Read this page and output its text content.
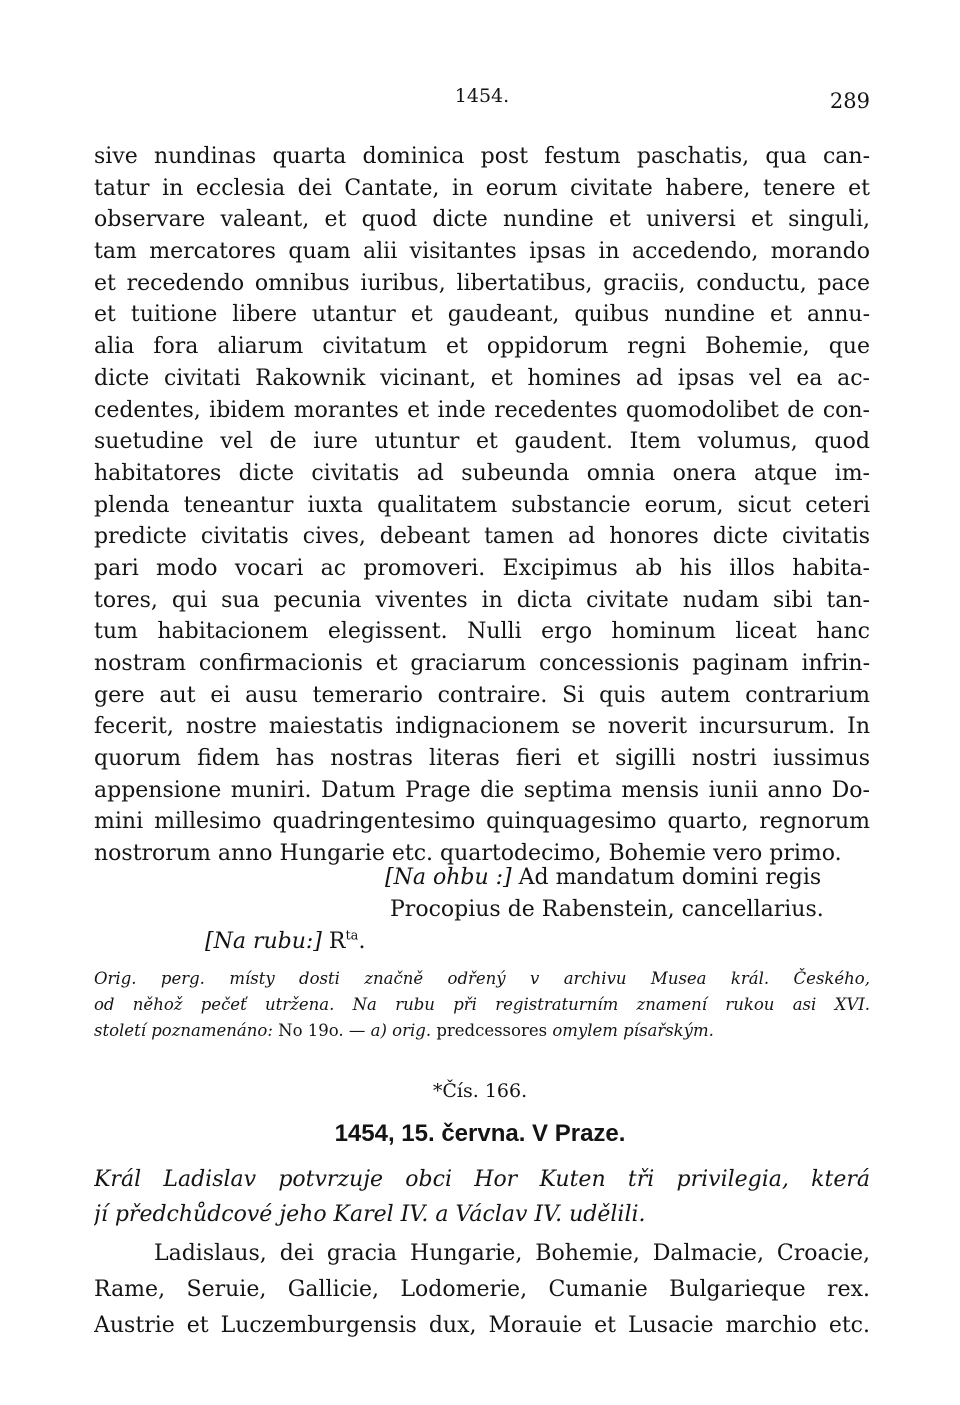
1454.	289
sive nundinas quarta dominica post festum paschatis, qua can-
tatur in ecclesia dei Cantate, in eorum civitate habere, tenere et
observare valeant, et quod dicte nundine et universi et singuli,
tam mercatores quam alii visitantes ipsas in accedendo, morando
et recedendo omnibus iuribus, libertatibus, graciis, conductu, pace
et tuitione libere utantur et gaudeant, quibus nundine et annu-
alia fora aliarum civitatum et oppidorum regni Bohemie, que
dicte civitati Rakownik vicinant, et homines ad ipsas vel ea ac-
cedentes, ibidem morantes et inde recedentes quomodolibet de con-
suetudine vel de iure utuntur et gaudent. Item volumus, quod
habitatores dicte civitatis ad subeunda omnia onera atque im-
plenda teneantur iuxta qualitatem substancie eorum, sicut ceteri
predicte civitatis cives, debeant tamen ad honores dicte civitatis
pari modo vocari ac promoveri. Excipimus ab his illos habita-
tores, qui sua pecunia viventes in dicta civitate nudam sibi tan-
tum habitacionem elegissent. Nulli ergo hominum liceat hanc
nostram confirmacionis et graciarum concessionis paginam infrin-
gere aut ei ausu temerario contraire. Si quis autem contrarium
fecerit, nostre maiestatis indignacionem se noverit incursurum. In
quorum fidem has nostras literas fieri et sigilli nostri iussimus
appensione muniri. Datum Prage die septima mensis iunii anno Do-
mini millesimo quadringentesimo quinquagesimo quarto, regnorum
nostrorum anno Hungarie etc. quartodecimo, Bohemie vero primo.
[Na ohbu :] Ad mandatum domini regis
Procopius de Rabenstein, cancellarius.
[Na rubu:] $R^{ta}$.
Orig. perg. místy dosti značně odřený v archivu Musea král. Českého,
od něhož pečeť utržena. Na rubu při registraturním znamení rukou asi XVI.
století poznamenáno: No 19o. — a) orig. predcessores omylem písařským.
*Čís. 166.
1454, 15. června. V Praze.
Král Ladislav potvrzuje obci Hor Kuten tři privilegia, která
jí předchůdcové jeho Karel IV. a Václav IV. udělili.
Ladislaus, dei gracia Hungarie, Bohemie, Dalmacie, Croacie,
Rame, Seruie, Gallicie, Lodomerie, Cumanie Bulgarieque rex.
Austrie et Luczemburgensis dux, Morauie et Lusacie marchio etc.
